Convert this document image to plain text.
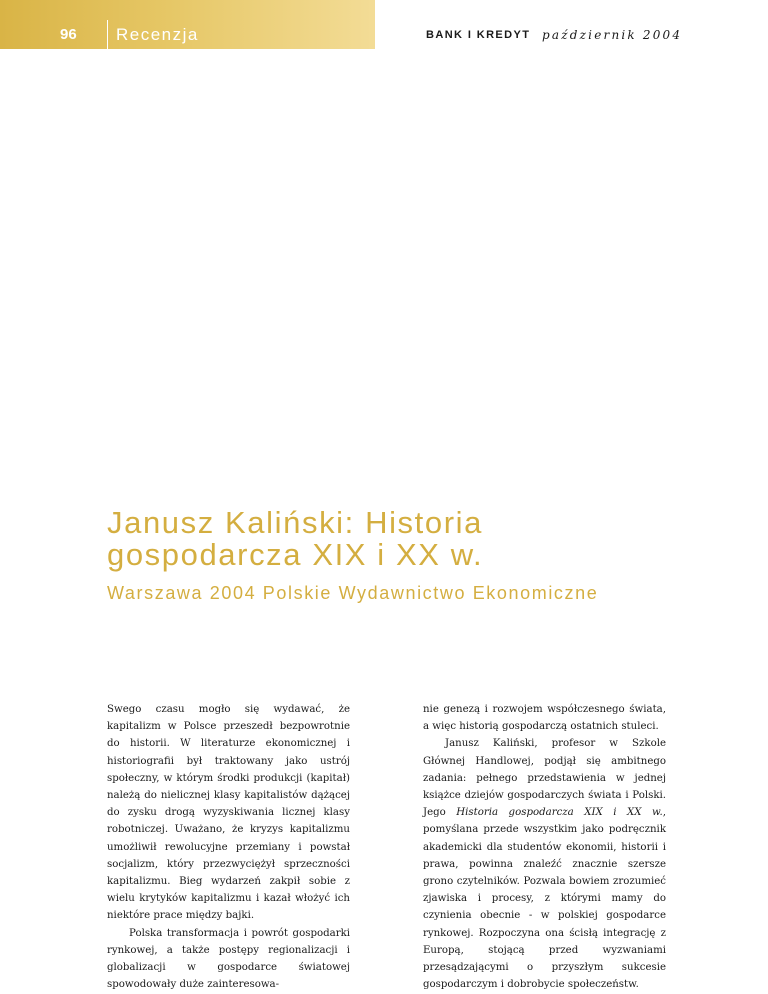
96 Recenzja	BANK I KREDYT październik 2004
Janusz Kaliński: Historia gospodarcza XIX i XX w.
Warszawa 2004 Polskie Wydawnictwo Ekonomiczne

Swego czasu mogło się wydawać, że kapitalizm w Polsce przeszedł bezpowrotnie do historii. W literaturze ekonomicznej i historiografii był traktowany jako ustrój społeczny, w którym środki produkcji (kapitał) należą do nielicznej klasy kapitalistów dążącej do zysku drogą wyzyskiwania licznej klasy robotniczej. Uważano, że kryzys kapitalizmu umożliwił rewolucyjne przemiany i powstał socjalizm, który przezwyciężył sprzeczności kapitalizmu. Bieg wydarzeń zakpił sobie z wielu krytyków kapitalizmu i kazał włożyć ich niektóre prace między bajki.

Polska transformacja i powrót gospodarki rynkowej, a także postępy regionalizacji i globalizacji w gospodarce światowej spowodowały duże zainteresowa-

nie genezą i rozwojem współczesnego świata, a więc historią gospodarczą ostatnich stuleci.

Janusz Kaliński, profesor w Szkole Głównej Handlowej, podjął się ambitnego zadania: pełnego przedstawienia w jednej książce dziejów gospodarczych świata i Polski. Jego Historia gospodarcza XIX i XX w., pomyślana przede wszystkim jako podręcznik akademicki dla studentów ekonomii, historii i prawa, powinna znaleźć znacznie szersze grono czytelników. Pozwala bowiem zrozumieć zjawiska i procesy, z którymi mamy do czynienia obecnie - w polskiej gospodarce rynkowej. Rozpoczyna ona ścisłą integrację z Europą, stojącą przed wyzwaniami przesądzającymi o przyszłym sukcesie gospodarczym i dobrobycie społeczeństw.
